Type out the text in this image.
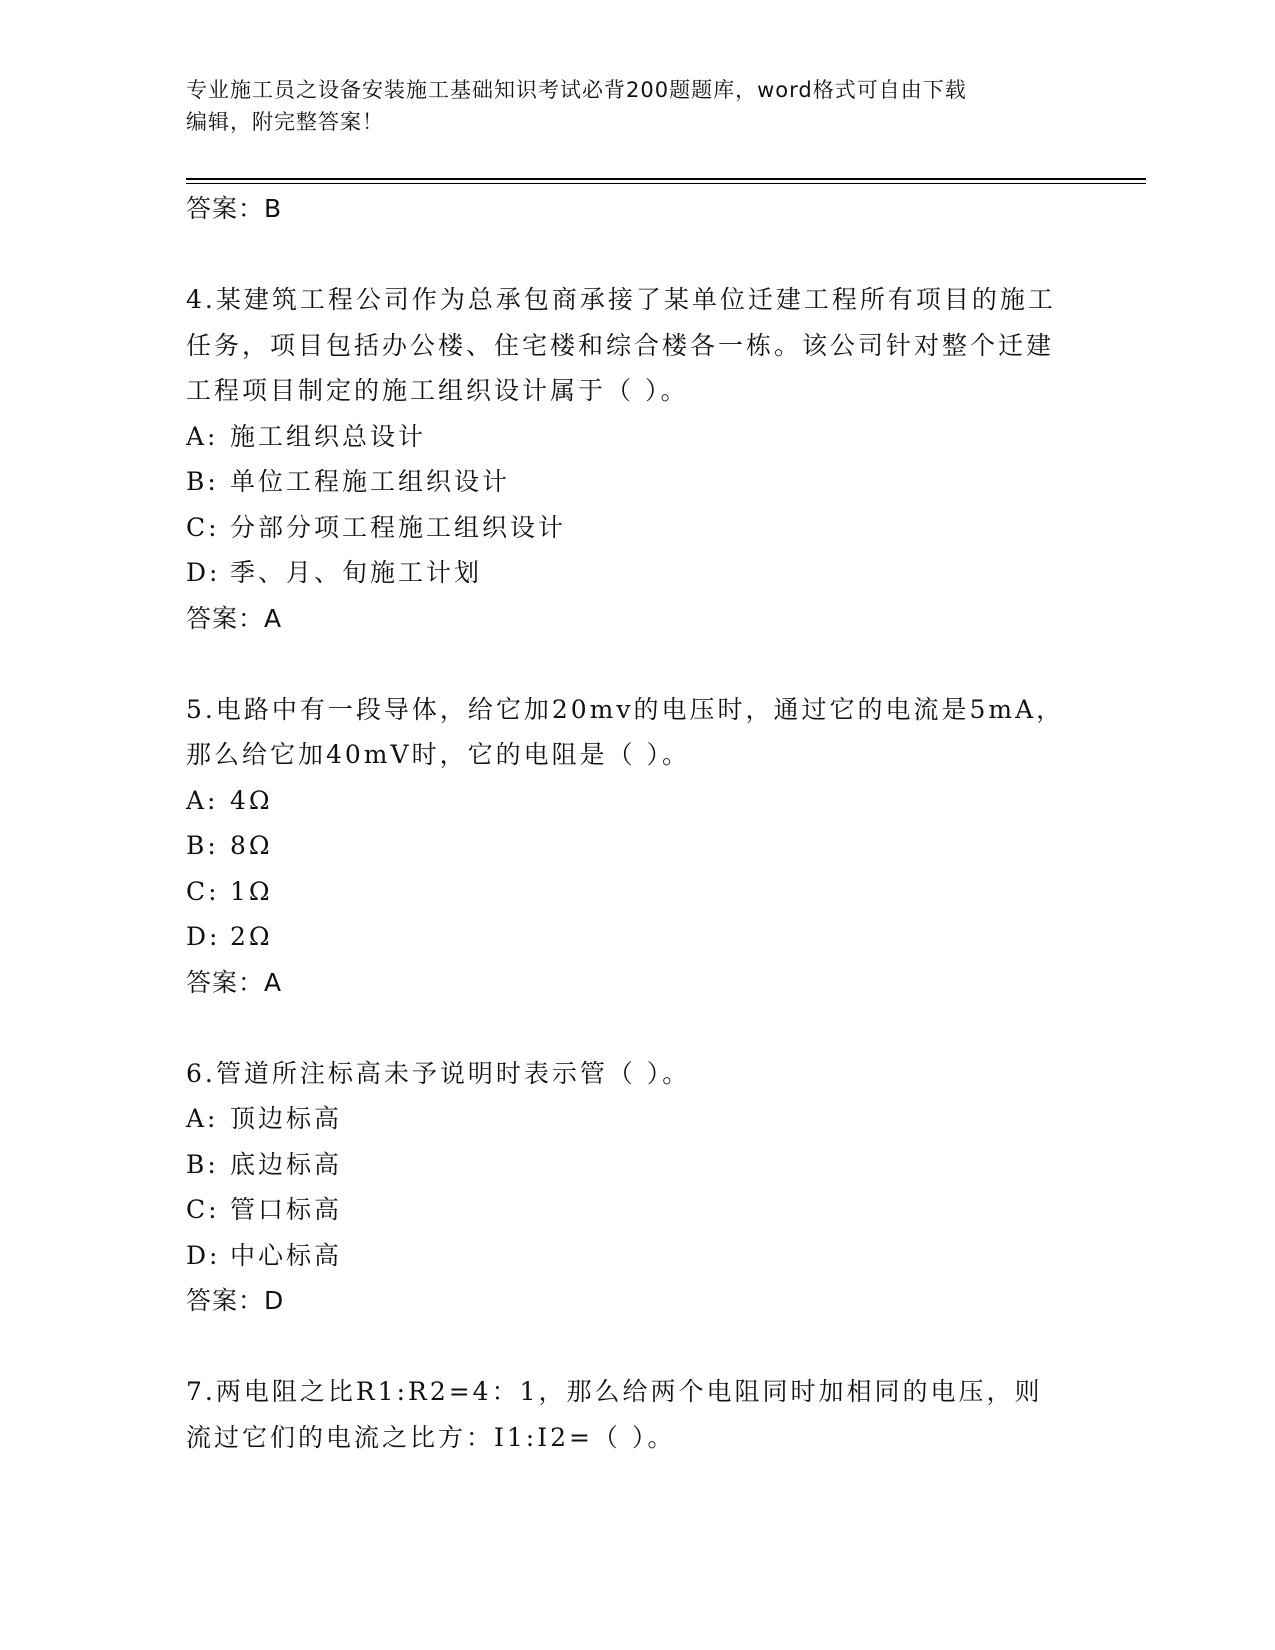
专业施工员之设备安装施工基础知识考试必背200题题库，word格式可自由下载
编辑，附完整答案！
答案：B
4.某建筑工程公司作为总承包商承接了某单位迁建工程所有项目的施工任务，项目包括办公楼、住宅楼和综合楼各一栋。该公司针对整个迁建工程项目制定的施工组织设计属于（ ）。
A: 施工组织总设计
B: 单位工程施工组织设计
C: 分部分项工程施工组织设计
D: 季、月、旬施工计划
答案：A
5.电路中有一段导体，给它加20mv的电压时，通过它的电流是5mA，那么给它加40mV时，它的电阻是（ ）。
A: 4Ω
B: 8Ω
C: 1Ω
D: 2Ω
答案：A
6.管道所注标高未予说明时表示管（ ）。
A: 顶边标高
B: 底边标高
C: 管口标高
D: 中心标高
答案：D
7.两电阻之比R1:R2=4：1，那么给两个电阻同时加相同的电压，则流过它们的电流之比方：I1:I2=（ ）。
